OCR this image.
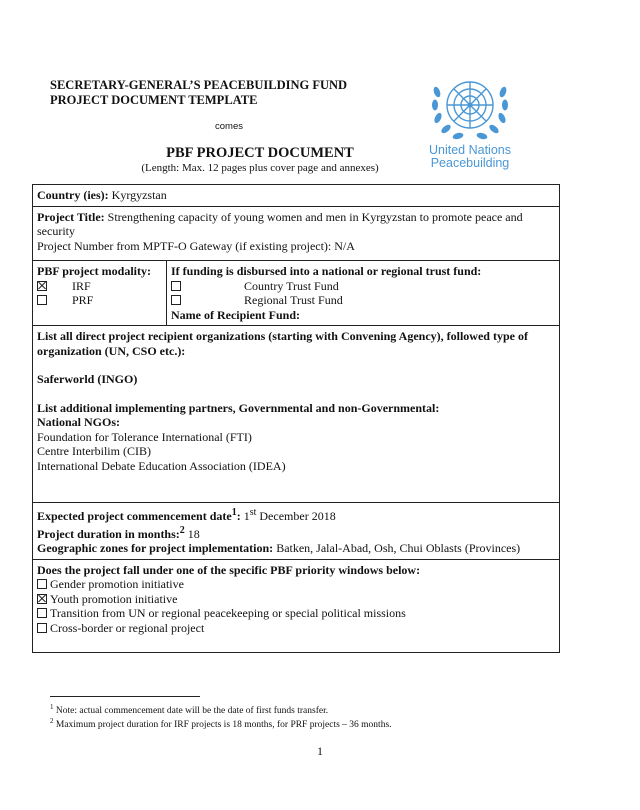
SECRETARY-GENERAL’S PEACEBUILDING FUND
PROJECT DOCUMENT TEMPLATE
comes
PBF PROJECT DOCUMENT
(Length: Max. 12 pages plus cover page and annexes)
United Nations
Peacebuilding
Country (ies): Kyrgyzstan

Project Title: Strengthening capacity of young women and men in Kyrgyzstan to promote peace and security
Project Number from MPTF-O Gateway (if existing project): N/A

PBF project modality:
IRF
PRF

If funding is disbursed into a national or regional trust fund:
Country Trust Fund
Regional Trust Fund
Name of Recipient Fund:

List all direct project recipient organizations (starting with Convening Agency), followed type of organization (UN, CSO etc.):
Saferworld (INGO)
List additional implementing partners, Governmental and non-Governmental:
National NGOs:
Foundation for Tolerance International (FTI)
Centre Interbilim (CIB)
International Debate Education Association (IDEA)

Expected project commencement date$^1$: 1st December 2018
Project duration in months:$^2$ 18
Geographic zones for project implementation: Batken, Jalal-Abad, Osh, Chui Oblasts (Provinces)

Does the project fall under one of the specific PBF priority windows below:
Gender promotion initiative
Youth promotion initiative
Transition from UN or regional peacekeeping or special political missions
Cross-border or regional project
$^1$ Note: actual commencement date will be the date of first funds transfer.
$^2$ Maximum project duration for IRF projects is 18 months, for PRF projects – 36 months.
1
